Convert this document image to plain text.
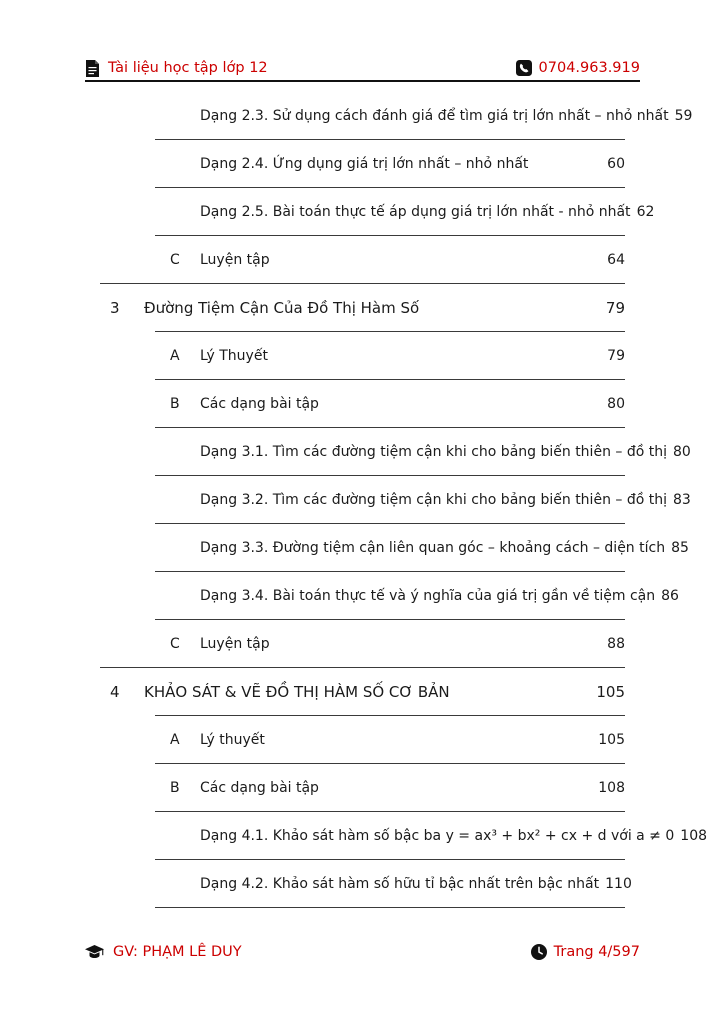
Tài liệu học tập lớp 12	0704.963.919
Dạng 2.3. Sử dụng cách đánh giá để tìm giá trị lớn nhất – nhỏ nhất 59
Dạng 2.4. Ứng dụng giá trị lớn nhất – nhỏ nhất	60
Dạng 2.5. Bài toán thực tế áp dụng giá trị lớn nhất - nhỏ nhất 62
C	Luyện tập	64
3	Đường Tiệm Cận Của Đồ Thị Hàm Số	79
A	Lý Thuyết	79
B	Các dạng bài tập	80
Dạng 3.1. Tìm các đường tiệm cận khi cho bảng biến thiên – đồ thị 80
Dạng 3.2. Tìm các đường tiệm cận khi cho bảng biến thiên – đồ thị 83
Dạng 3.3. Đường tiệm cận liên quan góc – khoảng cách – diện tích 85
Dạng 3.4. Bài toán thực tế và ý nghĩa của giá trị gần về tiệm cận 86
C	Luyện tập	88
4	KHẢO SÁT & VẼ ĐỒ THỊ HÀM SỐ CƠ BẢN	105
A	Lý thuyết	105
B	Các dạng bài tập	108
Dạng 4.1. Khảo sát hàm số bậc ba y = ax³ + bx² + cx + d với a ≠ 0 108
Dạng 4.2. Khảo sát hàm số hữu tỉ bậc nhất trên bậc nhất 110
GV: PHẠM LÊ DUY	Trang 4/597
